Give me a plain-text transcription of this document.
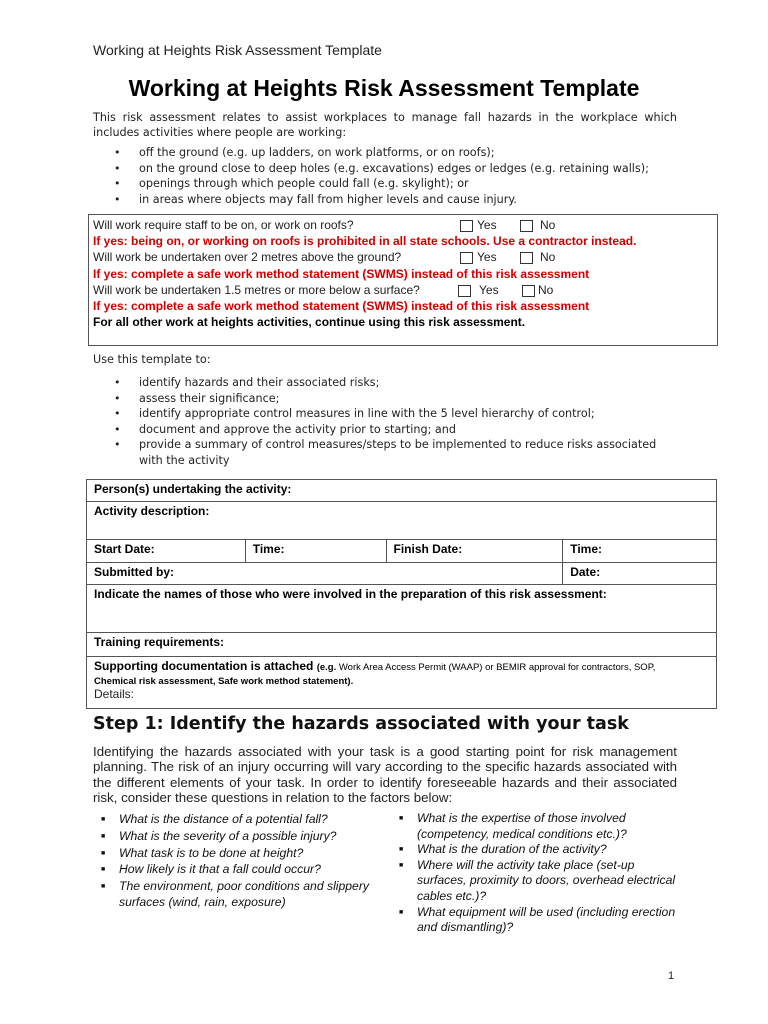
Working at Heights Risk Assessment Template
Working at Heights Risk Assessment Template

This risk assessment relates to assist workplaces to manage fall hazards in the workplace which includes activities where people are working:

• off the ground (e.g. up ladders, on work platforms, or on roofs);
• on the ground close to deep holes (e.g. excavations) edges or ledges (e.g. retaining walls);
• openings through which people could fall (e.g. skylight); or
• in areas where objects may fall from higher levels and cause injury.
Will work require staff to be on, or work on roofs?	Yes	No
If yes: being on, or working on roofs is prohibited in all state schools. Use a contractor instead.
Will work be undertaken over 2 metres above the ground?	Yes	No
If yes: complete a safe work method statement (SWMS) instead of this risk assessment
Will work be undertaken 1.5 metres or more below a surface?	Yes	No
If yes: complete a safe work method statement (SWMS) instead of this risk assessment
For all other work at heights activities, continue using this risk assessment.

Use this template to:

• identify hazards and their associated risks;
• assess their significance;
• identify appropriate control measures in line with the 5 level hierarchy of control;
• document and approve the activity prior to starting; and
• provide a summary of control measures/steps to be implemented to reduce risks associated with the activity
Person(s) undertaking the activity:			
Activity description:			
Start Date:	Time:	Finish Date:	Time:
Submitted by:			Date:
Indicate the names of those who were involved in the preparation of this risk assessment:			
Training requirements:			
Supporting documentation is attached (e.g. Work Area Access Permit (WAAP) or BEMIR approval for contractors, SOP,
Chemical risk assessment, Safe work method statement).
Details:			
Step 1: Identify the hazards associated with your task

Identifying the hazards associated with your task is a good starting point for risk management planning. The risk of an injury occurring will vary according to the specific hazards associated with the different elements of your task. In order to identify foreseeable hazards and their associated risk, consider these questions in relation to the factors below:

■ What is the distance of a potential fall?
■ What is the severity of a possible injury?
■ What task is to be done at height?
■ How likely is it that a fall could occur?
■ The environment, poor conditions and slippery surfaces (wind, rain, exposure)
■ What is the expertise of those involved (competency, medical conditions etc.)?
■ What is the duration of the activity?
■ Where will the activity take place (set-up surfaces, proximity to doors, overhead electrical cables etc.)?
■ What equipment will be used (including erection and dismantling)?
1
